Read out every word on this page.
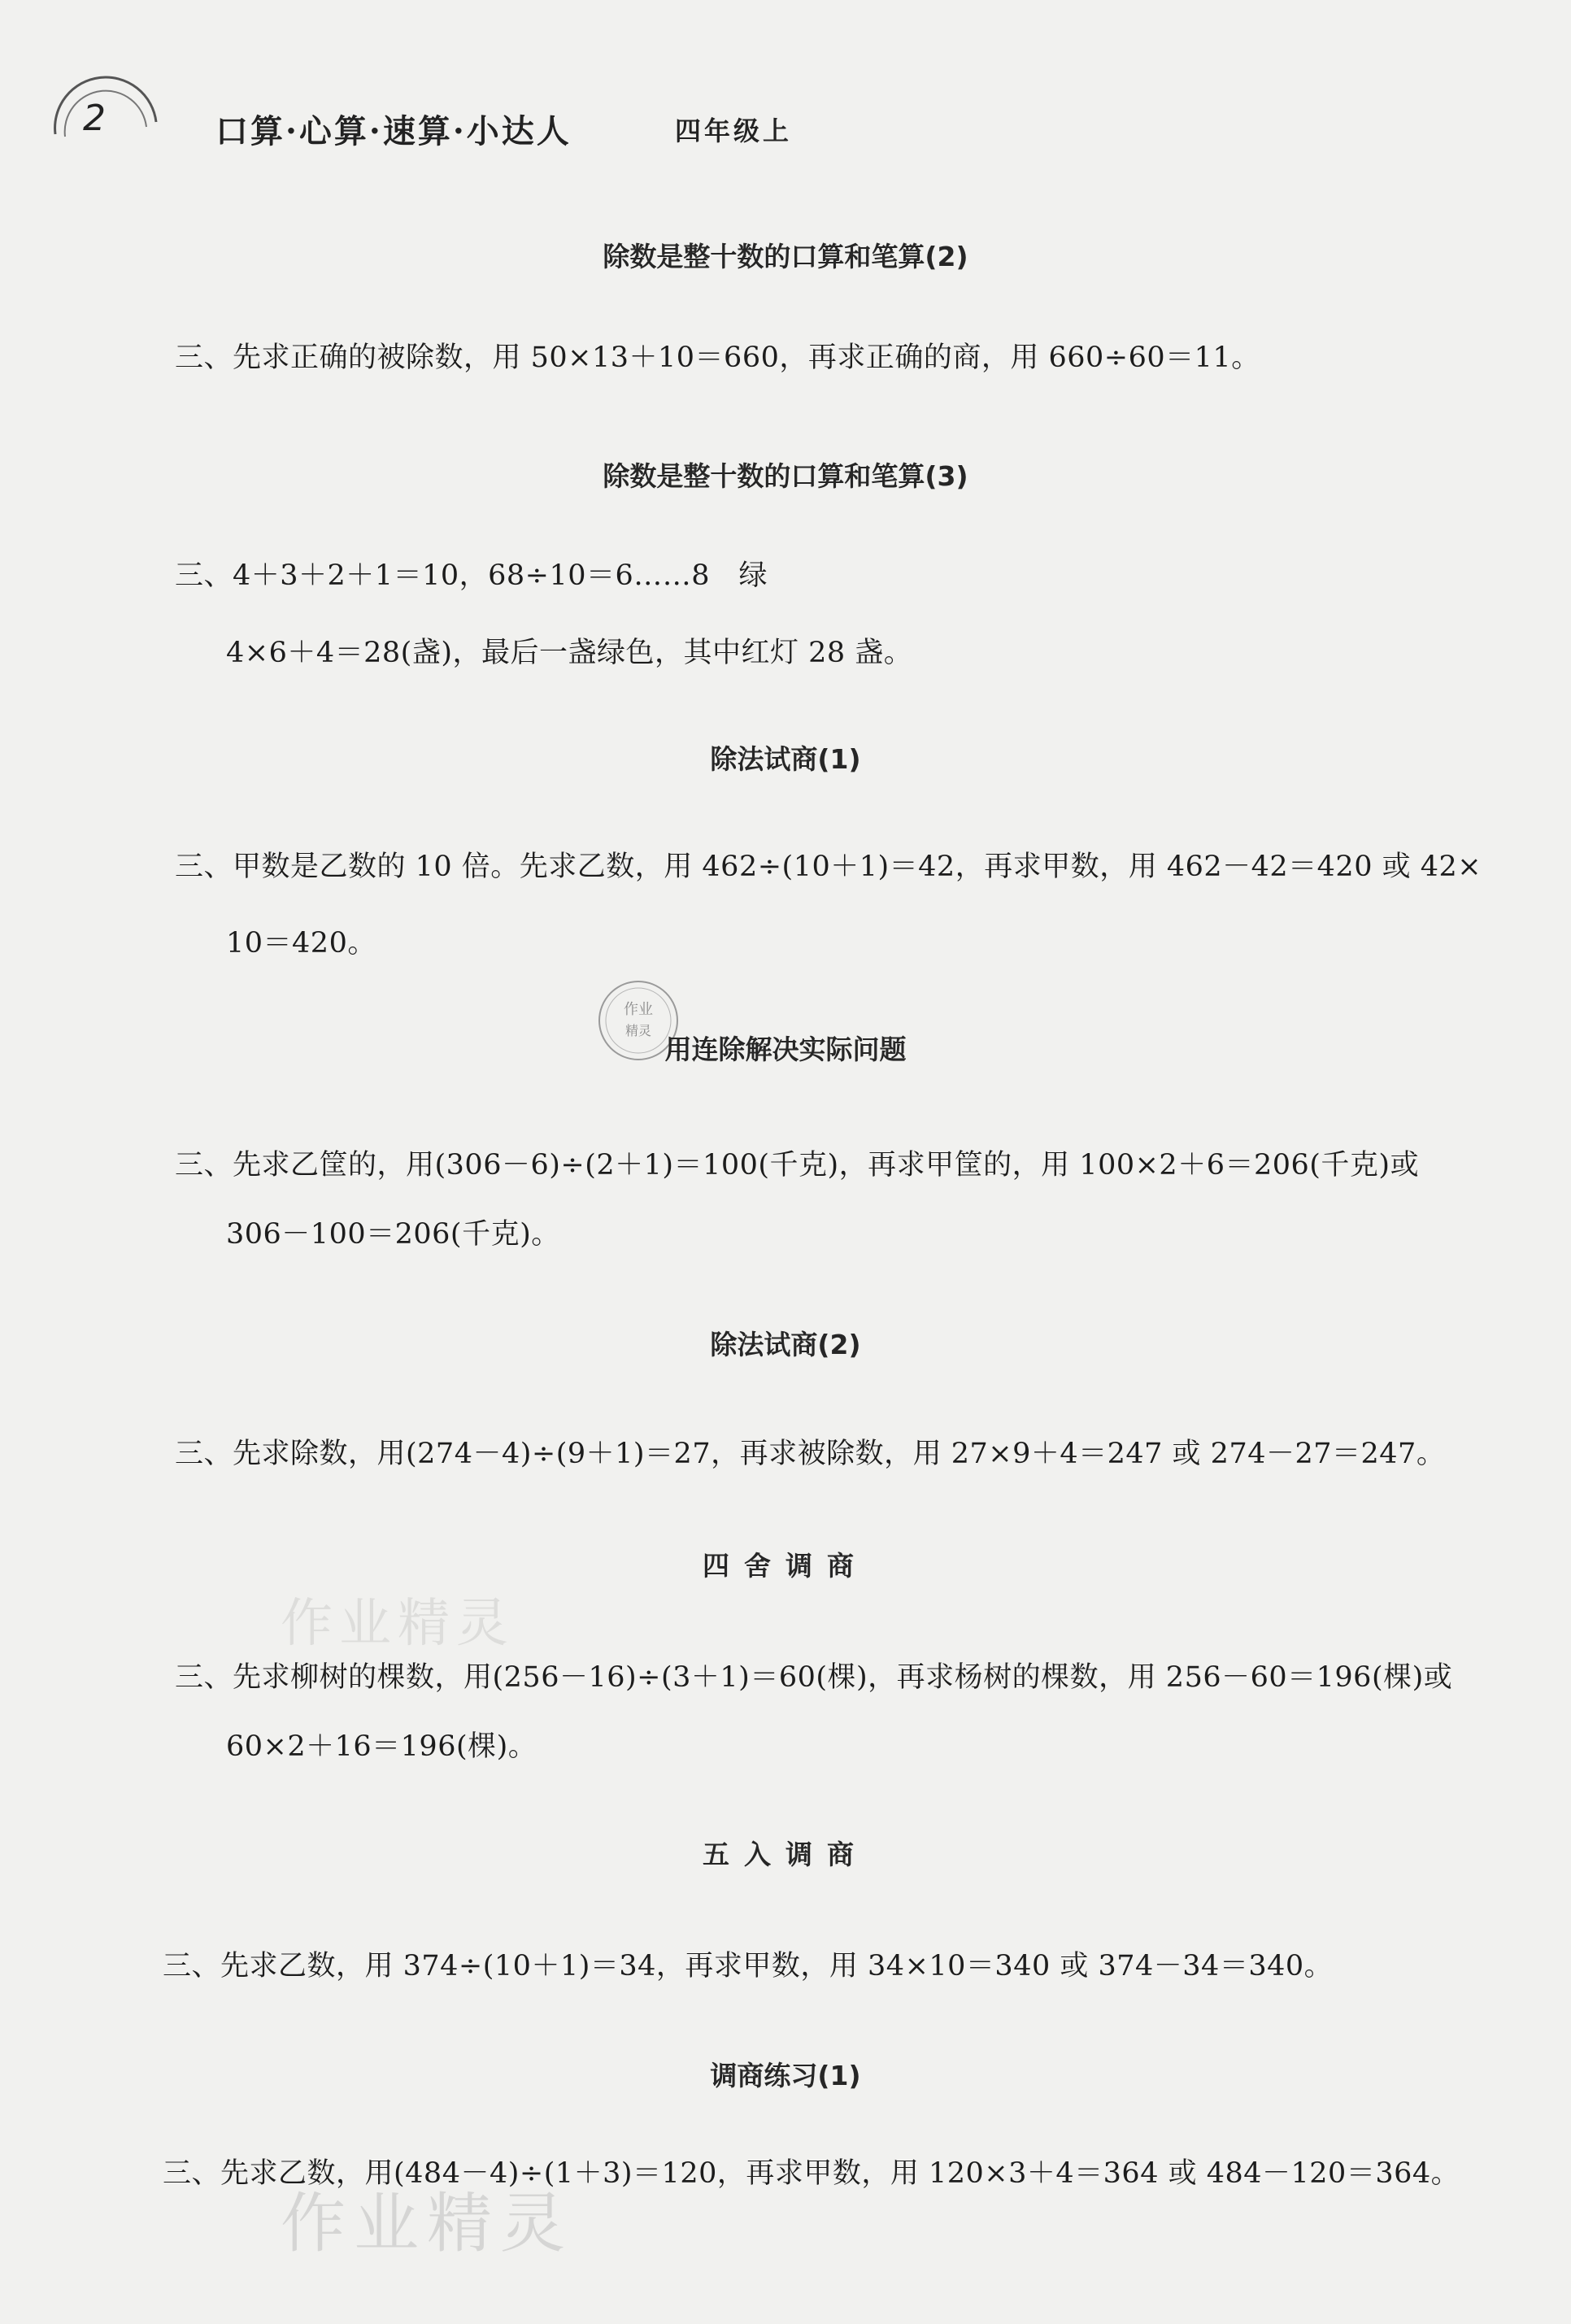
2	口算·心算·速算·小达人	四年级上
除数是整十数的口算和笔算(2)
三、先求正确的被除数，用 50×13＋10＝660，再求正确的商，用 660÷60＝11。
除数是整十数的口算和笔算(3)
三、4＋3＋2＋1＝10，68÷10＝6……8　绿
4×6＋4＝28(盏)，最后一盏绿色，其中红灯 28 盏。
除法试商(1)
三、甲数是乙数的 10 倍。先求乙数，用 462÷(10＋1)＝42，再求甲数，用 462－42＝420 或 42×
10＝420。
作业
精灵
用连除解决实际问题
三、先求乙筐的，用(306－6)÷(2＋1)＝100(千克)，再求甲筐的，用 100×2＋6＝206(千克)或
306－100＝206(千克)。
除法试商(2)
三、先求除数，用(274－4)÷(9＋1)＝27，再求被除数，用 27×9＋4＝247 或 274－27＝247。
四舍调商
作业精灵
三、先求柳树的棵数，用(256－16)÷(3＋1)＝60(棵)，再求杨树的棵数，用 256－60＝196(棵)或
60×2＋16＝196(棵)。
五入调商
三、先求乙数，用 374÷(10＋1)＝34，再求甲数，用 34×10＝340 或 374－34＝340。
调商练习(1)
三、先求乙数，用(484－4)÷(1＋3)＝120，再求甲数，用 120×3＋4＝364 或 484－120＝364。
作业精灵
